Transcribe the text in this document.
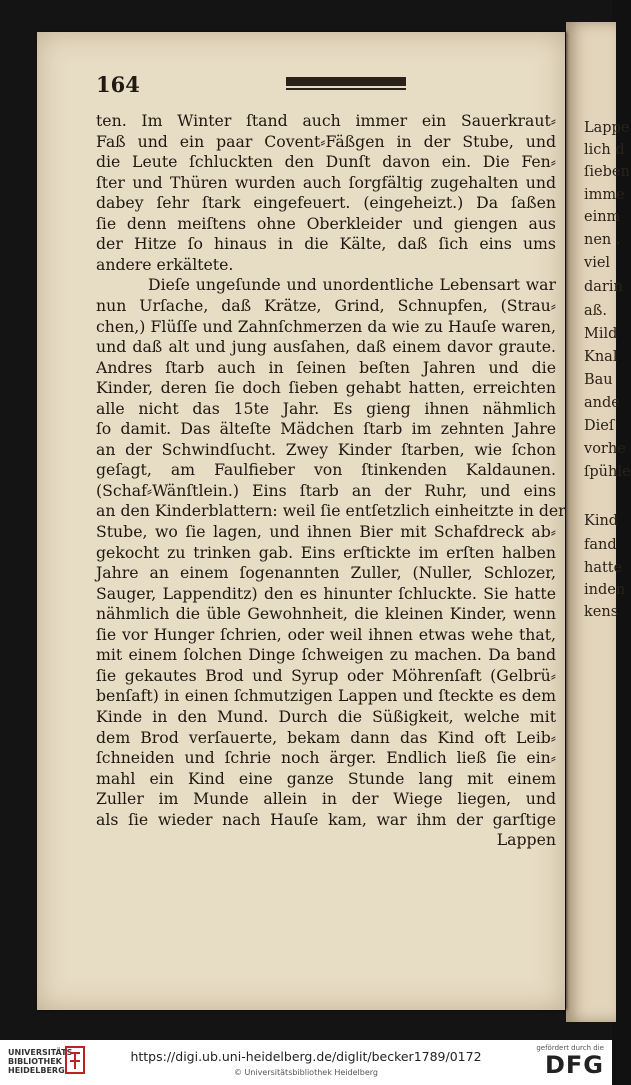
Lappe
lich d
ſieben
imme
einm
nen .
viel
darin
aß.
Mild
Knal
Bau
ande
Dieſ
vorhe
ſpühle
Kind
fand
hatte
inden
kens
164
ten. Im Winter ſtand auch immer ein Sauerkraut⸗
Faß und ein paar Covent⸗Fäßgen in der Stube, und
die Leute ſchluckten den Dunſt davon ein. Die Fen⸗
ſter und Thüren wurden auch ſorgfältig zugehalten und
dabey ſehr ſtark eingefeuert. (eingeheizt.) Da ſaßen
ſie denn meiſtens ohne Oberkleider und giengen aus
der Hitze ſo hinaus in die Kälte, daß ſich eins ums
andere erkältete.
Dieſe ungeſunde und unordentliche Lebensart war
nun Urſache, daß Krätze, Grind, Schnupfen, (Strau⸗
chen,) Flüſſe und Zahnſchmerzen da wie zu Hauſe waren,
und daß alt und jung ausſahen, daß einem davor graute.
Andres ſtarb auch in ſeinen beſten Jahren und die
Kinder, deren ſie doch ſieben gehabt hatten, erreichten
alle nicht das 15te Jahr. Es gieng ihnen nähmlich
ſo damit. Das älteſte Mädchen ſtarb im zehnten Jahre
an der Schwindſucht. Zwey Kinder ſtarben, wie ſchon
geſagt, am Faulfieber von ſtinkenden Kaldaunen.
(Schaf⸗Wänſtlein.) Eins ſtarb an der Ruhr, und eins
an den Kinderblattern: weil ſie entſetzlich einheitzte in der
Stube, wo ſie lagen, und ihnen Bier mit Schafdreck ab⸗
gekocht zu trinken gab. Eins erſtickte im erſten halben
Jahre an einem ſogenannten Zuller, (Nuller, Schlozer,
Sauger, Lappenditz) den es hinunter ſchluckte. Sie hatte
nähmlich die üble Gewohnheit, die kleinen Kinder, wenn
ſie vor Hunger ſchrien, oder weil ihnen etwas wehe that,
mit einem ſolchen Dinge ſchweigen zu machen. Da band
ſie gekautes Brod und Syrup oder Möhrenſaft (Gelbrü⸗
benſaft) in einen ſchmutzigen Lappen und ſteckte es dem
Kinde in den Mund. Durch die Süßigkeit, welche mit
dem Brod verſauerte, bekam dann das Kind oft Leib⸗
ſchneiden und ſchrie noch ärger. Endlich ließ ſie ein⸗
mahl ein Kind eine ganze Stunde lang mit einem
Zuller im Munde allein in der Wiege liegen, und
als ſie wieder nach Hauſe kam, war ihm der garſtige
Lappen
UNIVERSITÄTS-
BIBLIOTHEK
HEIDELBERG
https://digi.ub.uni-heidelberg.de/diglit/becker1789/0172
© Universitätsbibliothek Heidelberg
gefördert durch die
DFG
